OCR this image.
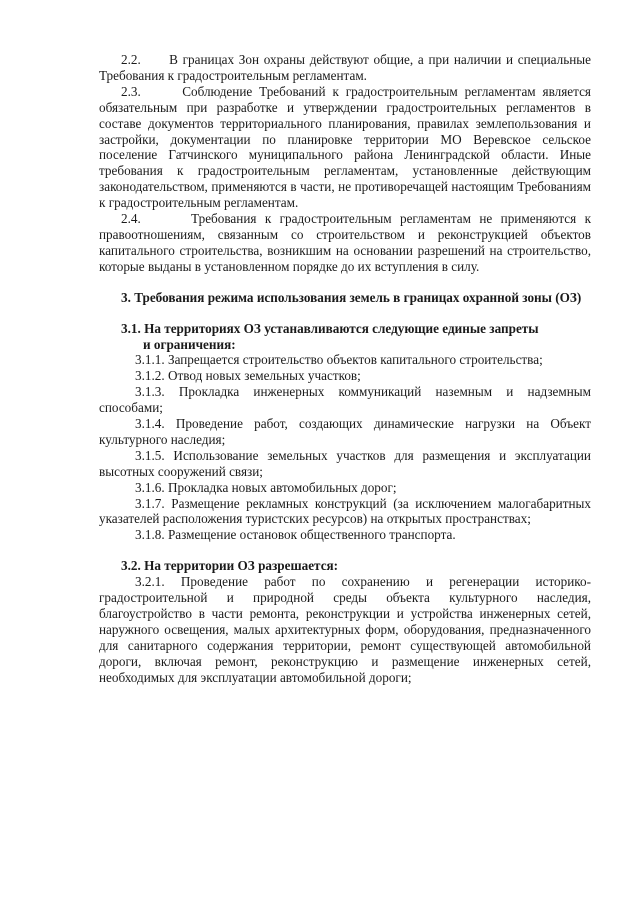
2.2.      В границах Зон охраны действуют общие, а при наличии и специальные Требования к градостроительным регламентам.

2.3.      Соблюдение Требований к градостроительным регламентам является обязательным при разработке и утверждении градостроительных регламентов в составе документов территориального планирования, правилах землепользования и застройки, документации по планировке территории МО Веревское сельское поселение Гатчинского муниципального района Ленинградской области. Иные требования к градостроительным регламентам, установленные действующим законодательством, применяются в части, не противоречащей настоящим Требованиям к градостроительным регламентам.

2.4.      Требования к градостроительным регламентам не применяются к правоотношениям, связанным со строительством и реконструкцией объектов капитального строительства, возникшим на основании разрешений на строительство, которые выданы в установленном порядке до их вступления в силу.

3. Требования режима использования земель в границах охранной зоны (ОЗ)

3.1. На территориях ОЗ устанавливаются следующие единые запреты
и ограничения:

3.1.1. Запрещается строительство объектов капитального строительства;

3.1.2. Отвод новых земельных участков;

3.1.3. Прокладка инженерных коммуникаций наземным и надземным способами;

3.1.4. Проведение работ, создающих динамические нагрузки на Объект культурного наследия;

3.1.5. Использование земельных участков для размещения и эксплуатации высотных сооружений связи;

3.1.6. Прокладка новых автомобильных дорог;

3.1.7. Размещение рекламных конструкций (за исключением малогабаритных указателей расположения туристских ресурсов) на открытых пространствах;

3.1.8. Размещение остановок общественного транспорта.

3.2. На территории ОЗ разрешается:

3.2.1. Проведение работ по сохранению и регенерации историко-градостроительной и природной среды объекта культурного наследия, благоустройство в части ремонта, реконструкции и устройства инженерных сетей, наружного освещения, малых архитектурных форм, оборудования, предназначенного для санитарного содержания территории, ремонт существующей автомобильной дороги, включая ремонт, реконструкцию и размещение инженерных сетей, необходимых для эксплуатации автомобильной дороги;
